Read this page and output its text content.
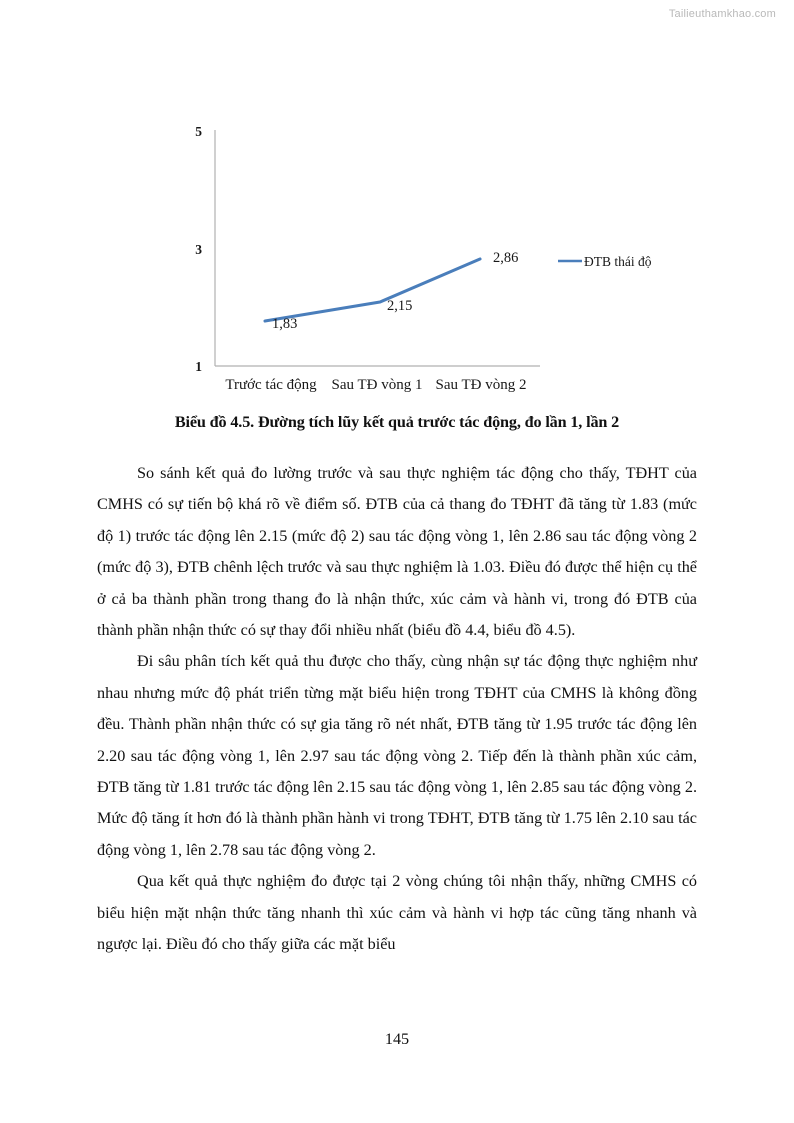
Tailieuthamkhao.com
5
3
1
1,83
2,15
2,86
Trước tác động Sau TĐ vòng 1 Sau TĐ vòng 2
ĐTB thái độ
Biểu đồ 4.5. Đường tích lũy kết quả trước tác động, đo lần 1, lần 2

So sánh kết quả đo lường trước và sau thực nghiệm tác động cho thấy, TĐHT của CMHS có sự tiến bộ khá rõ về điểm số. ĐTB của cả thang đo TĐHT đã tăng từ 1.83 (mức độ 1) trước tác động lên 2.15 (mức độ 2) sau tác động vòng 1, lên 2.86 sau tác động vòng 2 (mức độ 3), ĐTB chênh lệch trước và sau thực nghiệm là 1.03. Điều đó được thể hiện cụ thể ở cả ba thành phần trong thang đo là nhận thức, xúc cảm và hành vi, trong đó ĐTB của thành phần nhận thức có sự thay đổi nhiều nhất (biểu đồ 4.4, biểu đồ 4.5).

Đi sâu phân tích kết quả thu được cho thấy, cùng nhận sự tác động thực nghiệm như nhau nhưng mức độ phát triển từng mặt biểu hiện trong TĐHT của CMHS là không đồng đều. Thành phần nhận thức có sự gia tăng rõ nét nhất, ĐTB tăng từ 1.95 trước tác động lên 2.20 sau tác động vòng 1, lên 2.97 sau tác động vòng 2. Tiếp đến là thành phần xúc cảm, ĐTB tăng từ 1.81 trước tác động lên 2.15 sau tác động vòng 1, lên 2.85 sau tác động vòng 2. Mức độ tăng ít hơn đó là thành phần hành vi trong TĐHT, ĐTB tăng từ 1.75 lên 2.10 sau tác động vòng 1, lên 2.78 sau tác động vòng 2.

Qua kết quả thực nghiệm đo được tại 2 vòng chúng tôi nhận thấy, những CMHS có biểu hiện mặt nhận thức tăng nhanh thì xúc cảm và hành vi hợp tác cũng tăng nhanh và ngược lại. Điều đó cho thấy giữa các mặt biểu

145
